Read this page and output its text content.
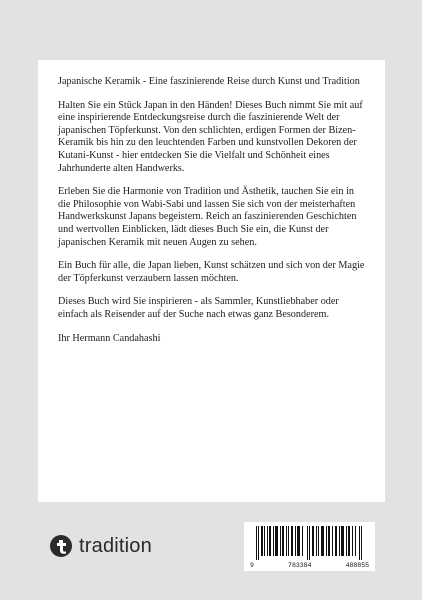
Japanische Keramik - Eine faszinierende Reise durch Kunst und Tradition

Halten Sie ein Stück Japan in den Händen! Dieses Buch nimmt Sie mit auf eine inspirierende Entdeckungsreise durch die faszinierende Welt der japanischen Töpferkunst. Von den schlichten, erdigen Formen der Bizen-Keramik bis hin zu den leuchtenden Farben und kunstvollen Dekoren der Kutani-Kunst - hier entdecken Sie die Vielfalt und Schönheit eines Jahrhunderte alten Handwerks.

Erleben Sie die Harmonie von Tradition und Ästhetik, tauchen Sie ein in die Philosophie von Wabi-Sabi und lassen Sie sich von der meisterhaften Handwerkskunst Japans begeistern. Reich an faszinierenden Geschichten und wertvollen Einblicken, lädt dieses Buch Sie ein, die Kunst der japanischen Keramik mit neuen Augen zu sehen.

Ein Buch für alle, die Japan lieben, Kunst schätzen und sich von der Magie der Töpferkunst verzaubern lassen möchten.

Dieses Buch wird Sie inspirieren - als Sammler, Kunstliebhaber oder einfach als Reisender auf der Suche nach etwas ganz Besonderem.

Ihr Hermann Candahashi

tradition
9	783384	488855
